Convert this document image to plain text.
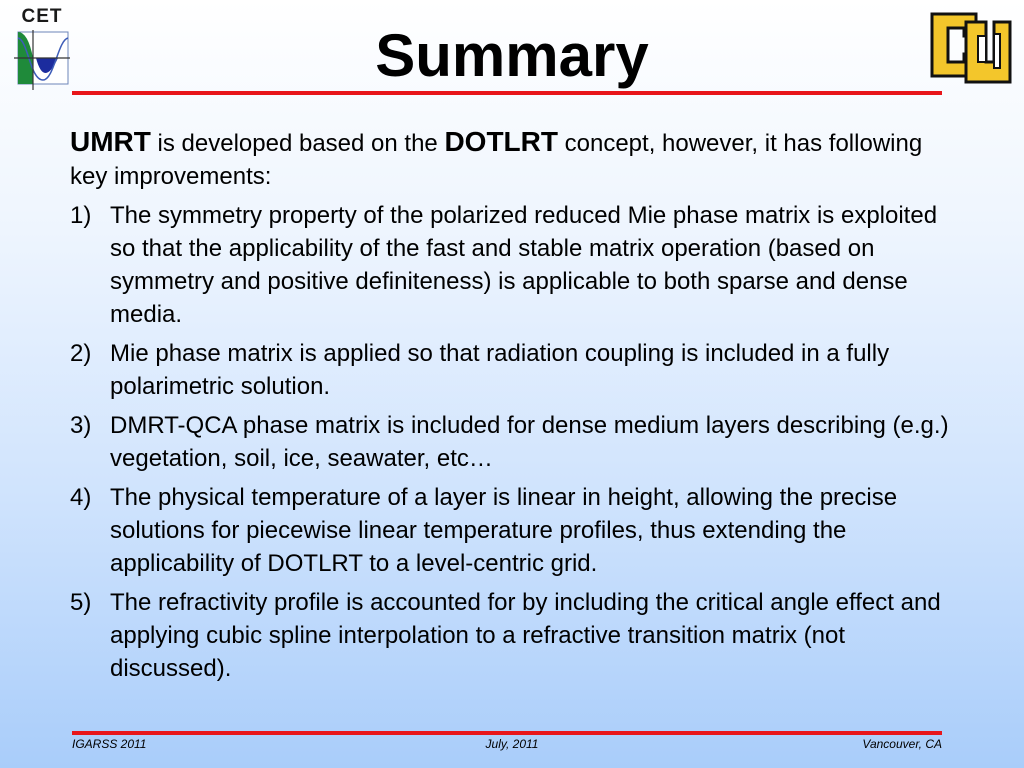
CET
Summary

UMRT is developed based on the DOTLRT concept, however, it has following key improvements:

1) The symmetry property of the polarized reduced Mie phase matrix is exploited so that the applicability of the fast and stable matrix operation (based on symmetry and positive definiteness) is applicable to both sparse and dense media.
2) Mie phase matrix is applied so that radiation coupling is included in a fully polarimetric solution.
3) DMRT-QCA phase matrix is included for dense medium layers describing (e.g.) vegetation, soil, ice, seawater, etc…
4) The physical temperature of a layer is linear in height, allowing the precise solutions for piecewise linear temperature profiles, thus extending the applicability of DOTLRT to a level-centric grid.
5) The refractivity profile is accounted for by including the critical angle effect and applying cubic spline interpolation to a refractive transition matrix (not discussed).
IGARSS 2011	July, 2011	Vancouver, CA
